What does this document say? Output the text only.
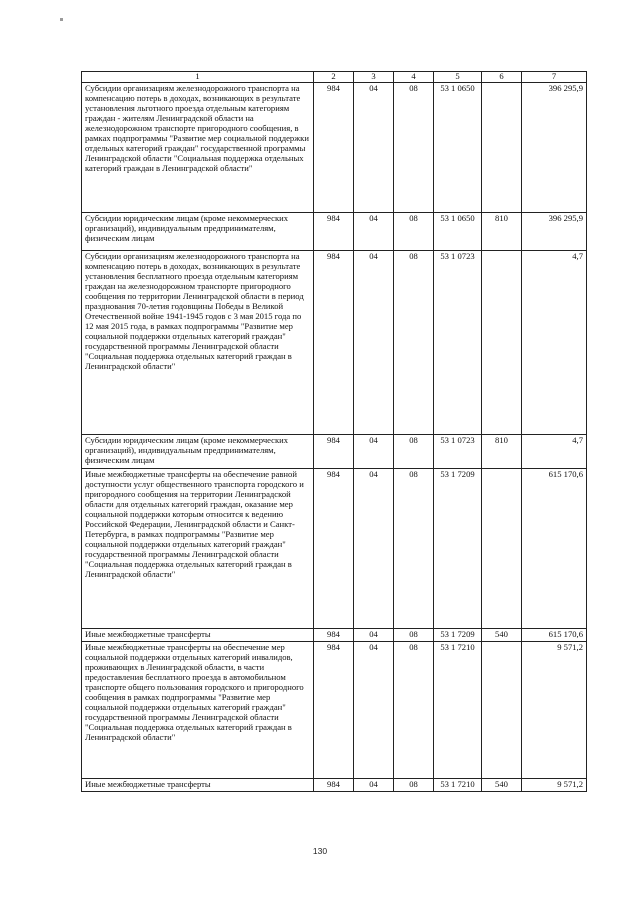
1	2	3	4	5	6	7
Субсидии организациям железнодорожного транспорта на компенсацию потерь в доходах, возникающих в результате установления льготного проезда отдельным категориям граждан - жителям Ленинградской области на железнодорожном транспорте пригородного сообщения, в рамках подпрограммы "Развитие мер социальной поддержки отдельных категорий граждан" государственной программы Ленинградской области "Социальная поддержка отдельных категорий граждан в Ленинградской области"	984	04	08	53 1 0650		396 295,9
Субсидии юридическим лицам (кроме некоммерческих организаций), индивидуальным предпринимателям, физическим лицам	984	04	08	53 1 0650	810	396 295,9
Субсидии организациям железнодорожного транспорта на компенсацию потерь в доходах, возникающих в результате установления бесплатного проезда отдельным категориям граждан на железнодорожном транспорте пригородного сообщения по территории Ленинградской области в период празднования 70-летия годовщины Победы в Великой Отечественной войне 1941-1945 годов с 3 мая 2015 года по 12 мая 2015 года, в рамках подпрограммы "Развитие мер социальной поддержки отдельных категорий граждан" государственной программы Ленинградской области "Социальная поддержка отдельных категорий граждан в Ленинградской области"	984	04	08	53 1 0723		4,7
Субсидии юридическим лицам (кроме некоммерческих организаций), индивидуальным предпринимателям, физическим лицам	984	04	08	53 1 0723	810	4,7
Иные межбюджетные трансферты на обеспечение равной доступности услуг общественного транспорта городского и пригородного сообщения на территории Ленинградской области для отдельных категорий граждан, оказание мер социальной поддержки которым относится к ведению Российской Федерации, Ленинградской области и Санкт-Петербурга, в рамках подпрограммы "Развитие мер социальной поддержки отдельных категорий граждан" государственной программы Ленинградской области "Социальная поддержка отдельных категорий граждан в Ленинградской области"	984	04	08	53 1 7209		615 170,6
Иные межбюджетные трансферты	984	04	08	53 1 7209	540	615 170,6
Иные межбюджетные трансферты на обеспечение мер социальной поддержки отдельных категорий инвалидов, проживающих в Ленинградской области, в части предоставления бесплатного проезда в автомобильном транспорте общего пользования городского и пригородного сообщения в рамках подпрограммы "Развитие мер социальной поддержки отдельных категорий граждан" государственной программы Ленинградской области "Социальная поддержка отдельных категорий граждан в Ленинградской области"	984	04	08	53 1 7210		9 571,2
Иные межбюджетные трансферты	984	04	08	53 1 7210	540	9 571,2
130
